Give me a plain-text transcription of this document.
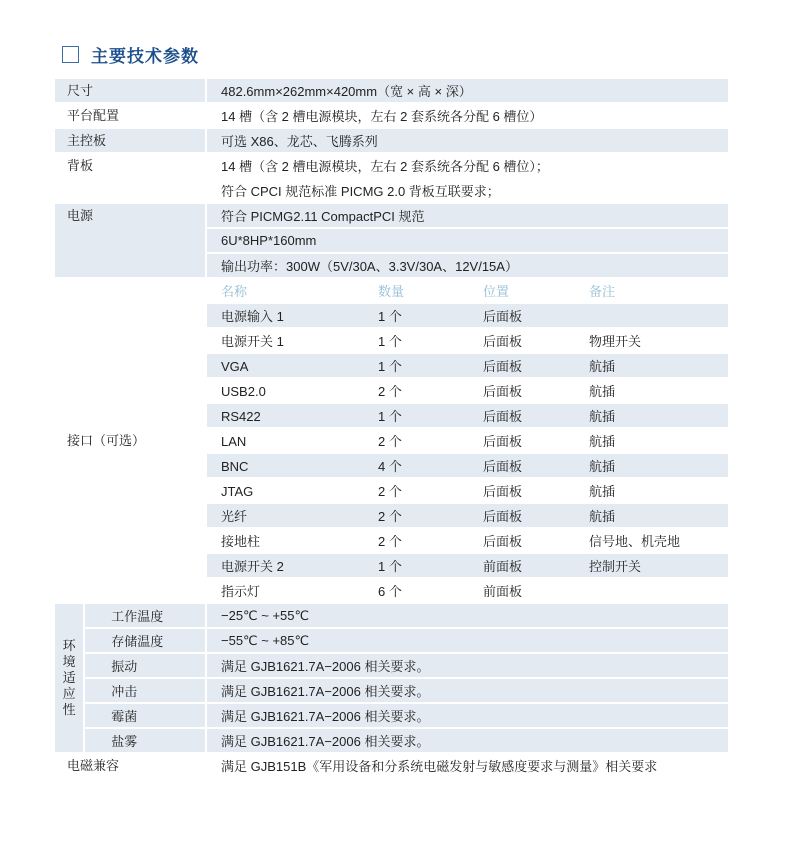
主要技术参数
尺寸		482.6mm×262mm×420mm（宽 × 高 × 深）
平台配置		14 槽（含 2 槽电源模块，左右 2 套系统各分配 6 槽位）
主控板		可选 X86、龙芯、飞腾系列
背板		14 槽（含 2 槽电源模块，左右 2 套系统各分配 6 槽位）；
		符合 CPCI 规范标准 PICMG 2.0 背板互联要求；
电源		符合 PICMG2.11 CompactPCI 规范
		6U*8HP*160mm
		输出功率：300W（5V/30A、3.3V/30A、12V/15A）
接口（可选）		名称 数量 位置 备注
		电源输入 1 1 个 后面板
		电源开关 1 1 个 后面板 物理开关
		VGA 1 个 后面板 航插
		USB2.0 2 个 后面板 航插
		RS422 1 个 后面板 航插
		LAN 2 个 后面板 航插
		BNC 4 个 后面板 航插
		JTAG 2 个 后面板 航插
		光纤 2 个 后面板 航插
		接地柱 2 个 后面板 信号地、机壳地
		电源开关 2 1 个 前面板 控制开关
		指示灯 6 个 前面板

环境适应性	工作温度	−25℃ ~ +55℃
	存储温度	−55℃ ~ +85℃
	振动	满足 GJB1621.7A−2006 相关要求。
	冲击	满足 GJB1621.7A−2006 相关要求。
	霉菌	满足 GJB1621.7A−2006 相关要求。
	盐雾	满足 GJB1621.7A−2006 相关要求。
电磁兼容		满足 GJB151B《军用设备和分系统电磁发射与敏感度要求与测量》相关要求
